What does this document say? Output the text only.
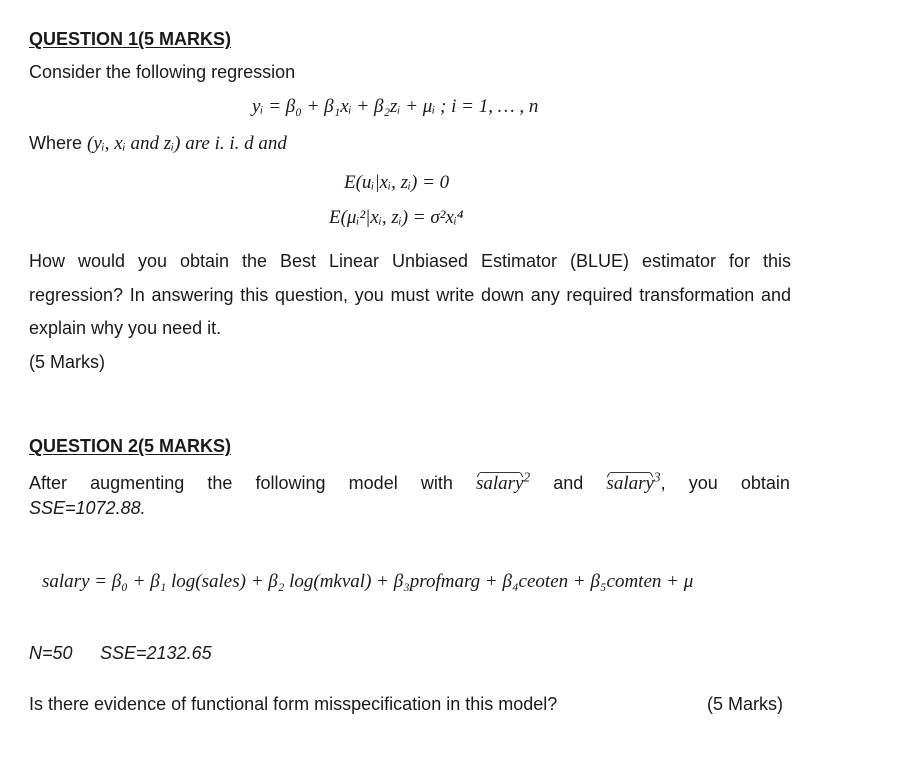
QUESTION 1(5 MARKS)
Consider the following regression
yᵢ = β₀ + β₁xᵢ + β₂zᵢ + μᵢ ; i = 1, … , n
Where (yᵢ, xᵢ and zᵢ) are i. i. d and
E(uᵢ|xᵢ, zᵢ) = 0
E(μᵢ²|xᵢ, zᵢ) = σ²xᵢ⁴
How would you obtain the Best Linear Unbiased Estimator (BLUE) estimator for this regression? In answering this question, you must write down any required transformation and explain why you need it.
(5 Marks)
QUESTION 2(5 MARKS)
After augmenting the following model with salary$^2$ and salary$^3$, you obtain
SSE=1072.88.
salary = β₀ + β₁ log(sales) + β₂ log(mkval) + β₃profmarg + β₄ceoten + β₅comten + μ
N=50 SSE=2132.65
Is there evidence of functional form misspecification in this model?	(5 Marks)
